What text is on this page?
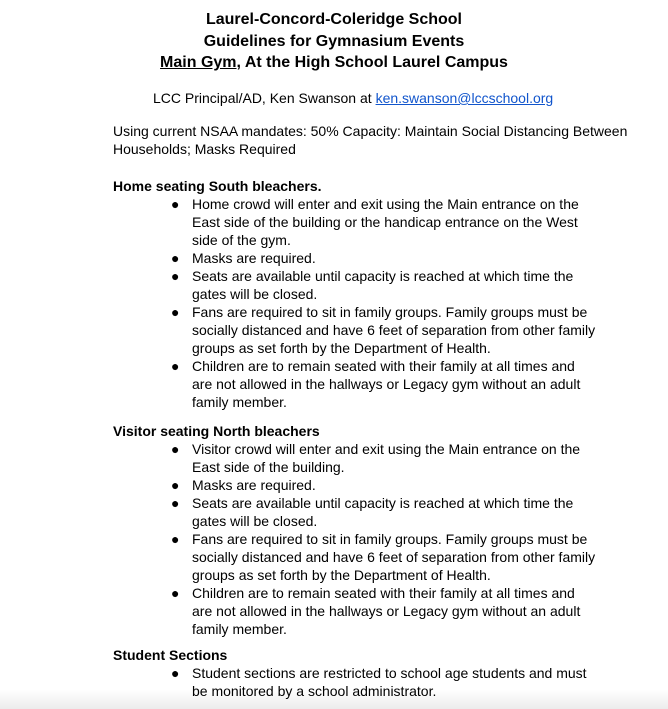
Laurel-Concord-Coleridge School
Guidelines for Gymnasium Events
Main Gym, At the High School Laurel Campus
LCC Principal/AD, Ken Swanson at ken.swanson@lccschool.org
Using current NSAA mandates: 50% Capacity: Maintain Social Distancing Between Households; Masks Required
Home seating South bleachers.
● Home crowd will enter and exit using the Main entrance on the East side of the building or the handicap entrance on the West side of the gym.
● Masks are required.
● Seats are available until capacity is reached at which time the gates will be closed.
● Fans are required to sit in family groups. Family groups must be socially distanced and have 6 feet of separation from other family groups as set forth by the Department of Health.
● Children are to remain seated with their family at all times and are not allowed in the hallways or Legacy gym without an adult family member.
Visitor seating North bleachers
● Visitor crowd will enter and exit using the Main entrance on the East side of the building.
● Masks are required.
● Seats are available until capacity is reached at which time the gates will be closed.
● Fans are required to sit in family groups. Family groups must be socially distanced and have 6 feet of separation from other family groups as set forth by the Department of Health.
● Children are to remain seated with their family at all times and are not allowed in the hallways or Legacy gym without an adult family member.
Student Sections
● Student sections are restricted to school age students and must be monitored by a school administrator.
